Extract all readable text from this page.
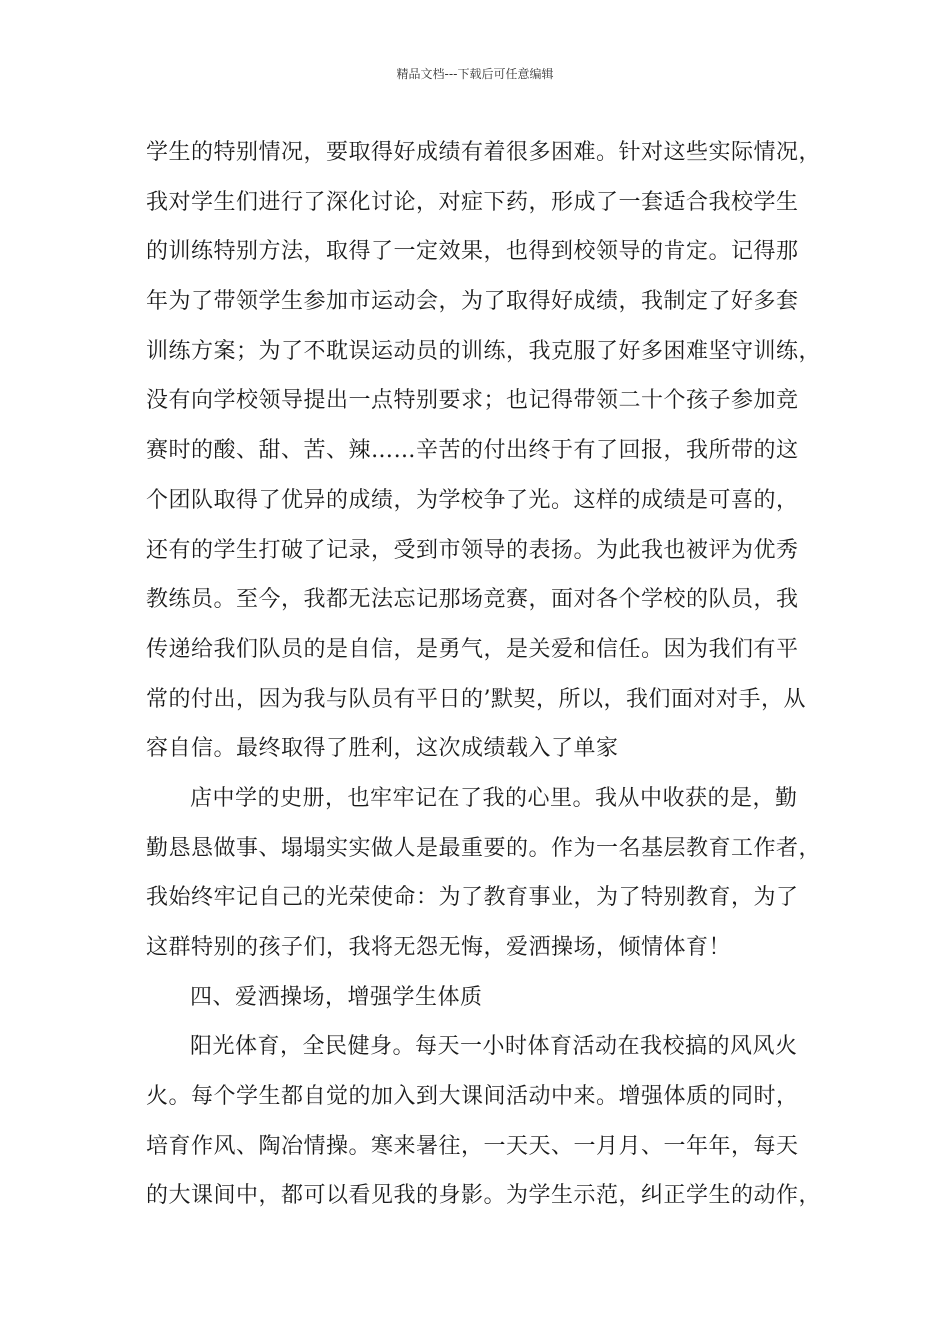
精品文档---下载后可任意编辑
学生的特别情况，要取得好成绩有着很多困难。针对这些实际情况，
我对学生们进行了深化讨论，对症下药，形成了一套适合我校学生
的训练特别方法，取得了一定效果，也得到校领导的肯定。记得那
年为了带领学生参加市运动会，为了取得好成绩，我制定了好多套
训练方案；为了不耽误运动员的训练，我克服了好多困难坚守训练，
没有向学校领导提出一点特别要求；也记得带领二十个孩子参加竞
赛时的酸、甜、苦、辣……辛苦的付出终于有了回报，我所带的这
个团队取得了优异的成绩，为学校争了光。这样的成绩是可喜的，
还有的学生打破了记录，受到市领导的表扬。为此我也被评为优秀
教练员。至今，我都无法忘记那场竞赛，面对各个学校的队员，我
传递给我们队员的是自信，是勇气，是关爱和信任。因为我们有平
常的付出，因为我与队员有平日的’默契，所以，我们面对对手，从
容自信。最终取得了胜利，这次成绩载入了单家
店中学的史册，也牢牢记在了我的心里。我从中收获的是，勤
勤恳恳做事、塌塌实实做人是最重要的。作为一名基层教育工作者，
我始终牢记自己的光荣使命：为了教育事业，为了特别教育，为了
这群特别的孩子们，我将无怨无悔，爱洒操场，倾情体育！
四、爱洒操场，增强学生体质
阳光体育，全民健身。每天一小时体育活动在我校搞的风风火
火。每个学生都自觉的加入到大课间活动中来。增强体质的同时，
培育作风、陶冶情操。寒来暑往，一天天、一月月、一年年，每天
的大课间中，都可以看见我的身影。为学生示范，纠正学生的动作，
